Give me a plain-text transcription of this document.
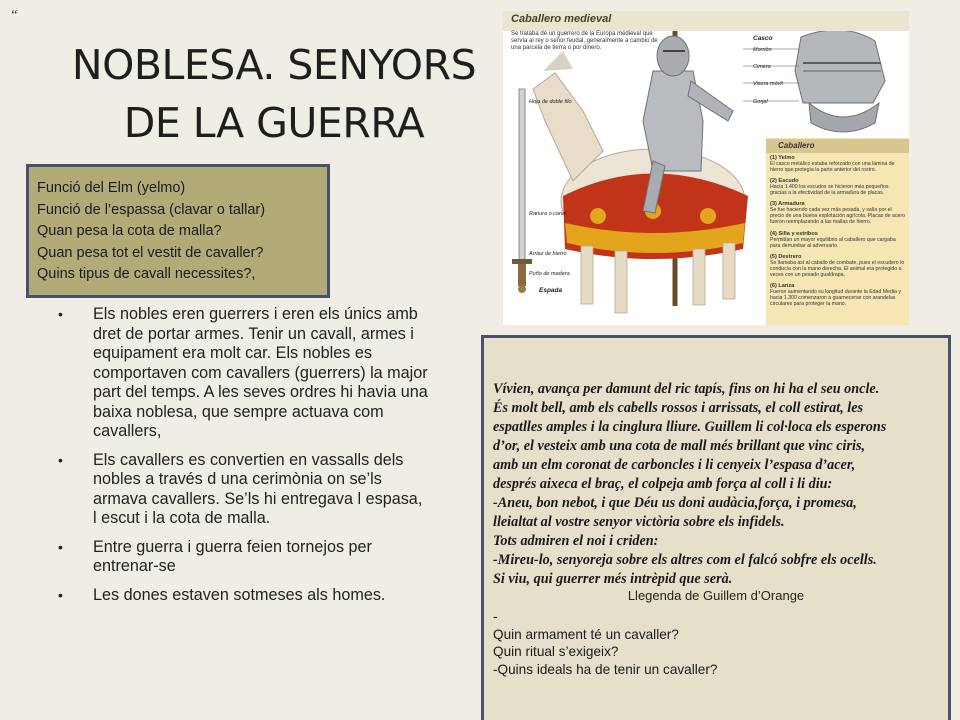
“
NOBLESA. SENYORS
DE LA GUERRA
Funció del Elm (yelmo)
Funció de l’espassa (clavar o tallar)
Quan pesa la cota de malla?
Quan pesa tot el vestit de cavaller?
Quins tipus de cavall necessites?,
• Els nobles eren guerrers i eren els únics amb dret de portar armes. Tenir un cavall, armes i equipament era molt car. Els nobles es comportaven com cavallers (guerrers) la major part del temps. A les seves ordres hi havia una baixa noblesa, que sempre actuava com cavallers,
• Els cavallers es convertien en vassalls dels nobles a través d una cerimònia on se’ls armava cavallers. Se’ls hi entregava l espasa, l escut i la cota de malla.
• Entre guerra i guerra feien tornejos per entrenar-se
• Les dones estaven sotmeses als homes.
Caballero medieval
Se trataba de un guerrero de la Europa medieval que servía al rey o señor feudal, generalmente a cambio de una parcela de tierra o por dinero.
Casco
Morrión
Cimera
Visera móvil
Gorjal
Hoja de doble filo
Ranura o canal
Arriaz de hierro
Puño de madera
Espada
Caballero
(1) Yelmo
El casco metálico estaba reforzado con una lámina de hierro que protegía la parte anterior del rostro.
(2) Escudo
Hacia 1.400 los escudos se hicieron más pequeños gracias a la efectividad de la armadura de placas.
(3) Armadura
Se fue haciendo cada vez más pesada, y salía por el precio de una buena explotación agrícola. Placas de acero fueron reemplazando a las mallas de hierro.
(4) Silla y estribos
Permitían un mayor equilibrio al caballero que cargaba para derrumbar al adversario.
(5) Destrero
Se llamaba así al caballo de combate, pues el escudero lo conducía con la mano derecha. El animal era protegido a veces con un pesado gualdrapa.
(6) Lanza
Fueron aumentando su longitud durante la Edad Media y hacia 1.300 comenzaron a guarnecerse con arandelas circulares para proteger la mano.
Vívien, avança per damunt del ric tapís, fins on hi ha el seu oncle.
És molt bell, amb els cabells rossos i arrissats, el coll estirat, les
espatlles amples i la cinglura lliure. Guillem li col·loca els esperons
d’or, el vesteix amb una cota de mall més brillant que vinc ciris,
amb un elm coronat de carboncles i li cenyeix l’espasa d’acer,
després aixeca el braç, el colpeja amb força al coll i li diu:
-Aneu, bon nebot, i que Déu us doni audàcia,força, i promesa,
lleialtat al vostre senyor victòria sobre els infidels.
Tots admiren el noi i criden:
-Mireu-lo, senyoreja sobre els altres com el falcó sobfre els ocells.
Si viu, qui guerrer més intrèpid que serà.
Llegenda de Guillem d’Orange
-
Quin armament té un cavaller?
Quin ritual s’exigeix?
-Quins ideals ha de tenir un cavaller?
